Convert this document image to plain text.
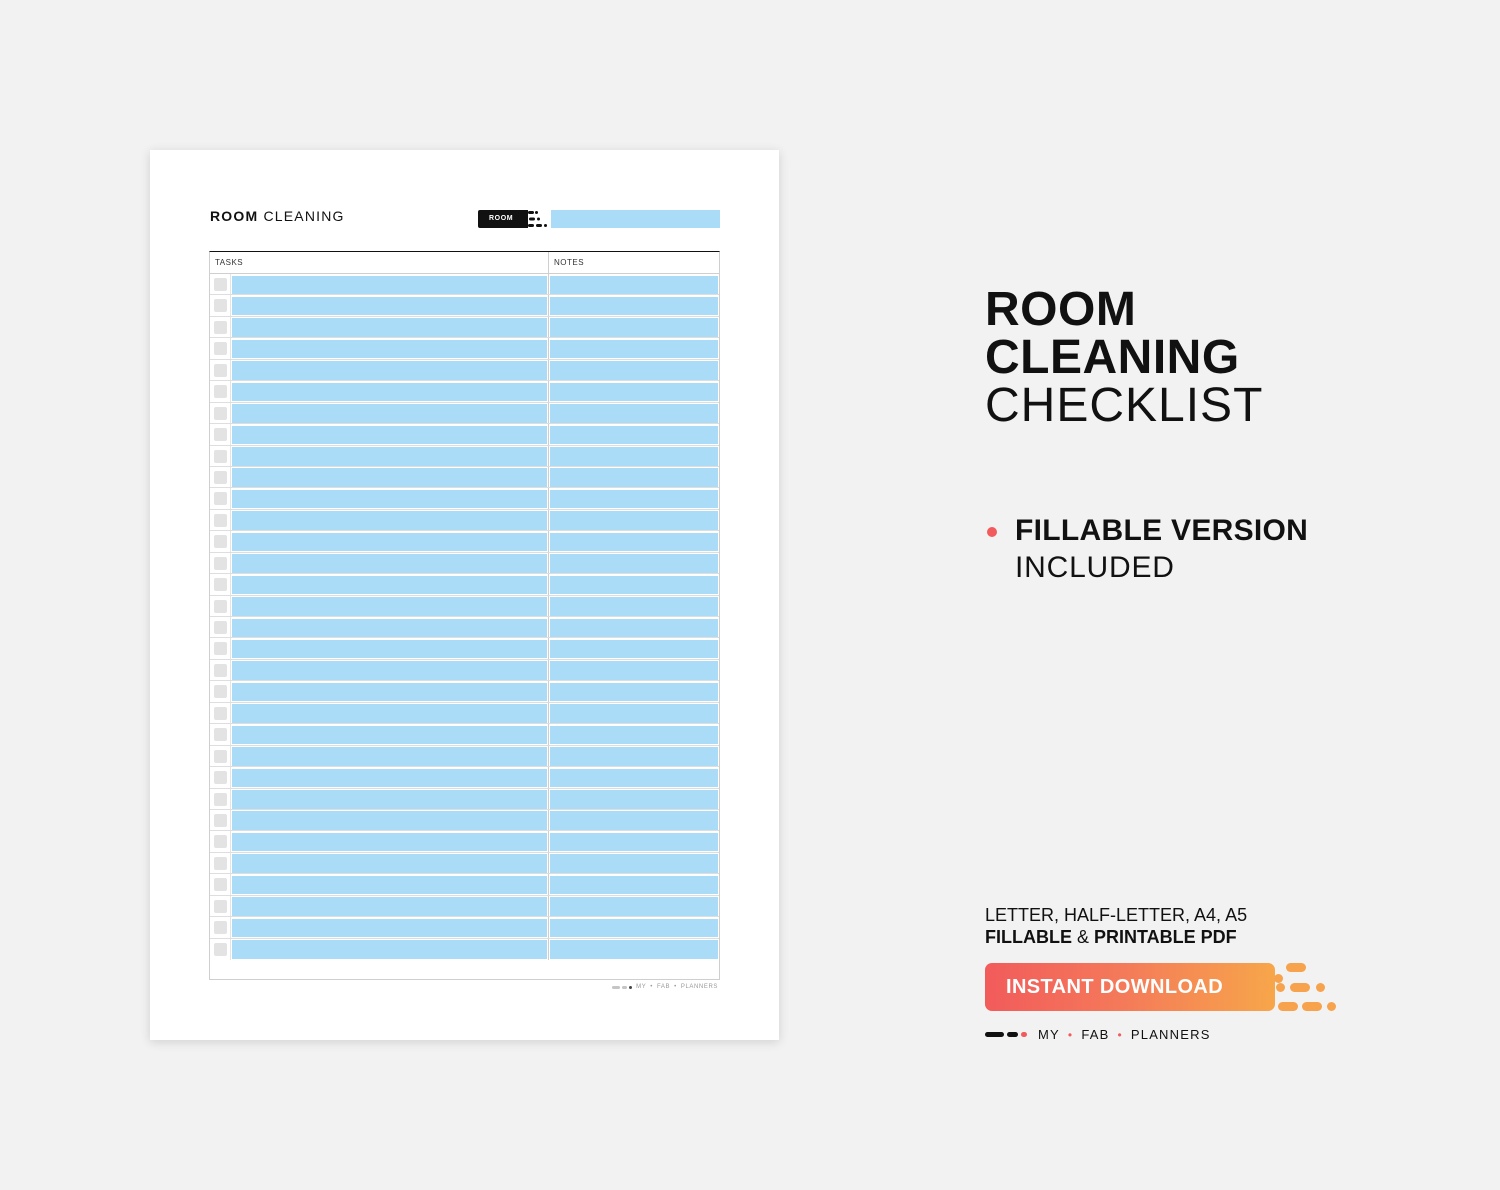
ROOM CLEANING	ROOM
TASKS	NOTES
MY • FAB • PLANNERS
ROOM
CLEANING
CHECKLIST
FILLABLE VERSION
INCLUDED
LETTER, HALF-LETTER, A4, A5
FILLABLE & PRINTABLE PDF
INSTANT DOWNLOAD
MY • FAB • PLANNERS
